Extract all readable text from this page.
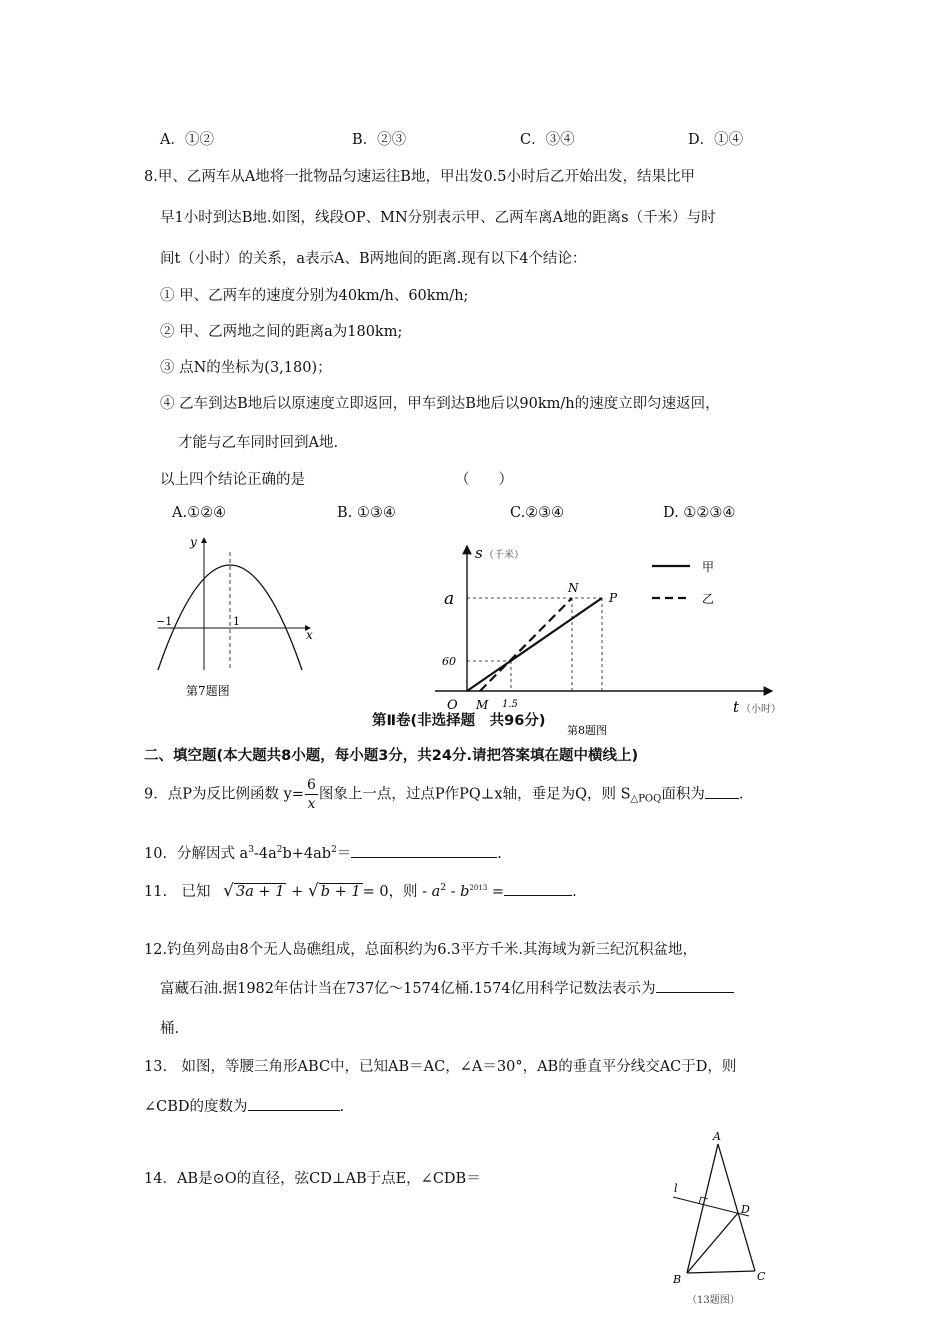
A．①②	B．②③	C．③④	D．①④
8.甲、乙两车从A地将一批物品匀速运往B地，甲出发0.5小时后乙开始出发，结果比甲
早1小时到达B地.如图，线段OP、MN分别表示甲、乙两车离A地的距离s（千米）与时
间t（小时）的关系，a表示A、B两地间的距离.现有以下4个结论：
① 甲、乙两车的速度分别为40km/h、60km/h;
② 甲、乙两地之间的距离a为180km;
③ 点N的坐标为(3,180)；
④ 乙车到达B地后以原速度立即返回，甲车到达B地后以90km/h的速度立即匀速返回，
才能与乙车同时回到A地.
以上四个结论正确的是	（　　）
A.①②④	B. ①③④	C.②③④	D. ①②③④
y
x
−1	1
第7题图
s （千米）
a
60
O M 1.5
N
P
甲
乙
t （小时）
第8题图
第Ⅱ卷(非选择题　共96分)
二、填空题(本大题共8小题，每小题3分，共24分.请把答案填在题中横线上)
9．点P为反比例函数 $y= \frac{6}{x}$ 图象上一点，过点P作PQ⊥x轴，垂足为Q，则 $S_{\triangle POQ}$面积为 .
10．分解因式 $a^3-4a^2b+4ab^2=$	.
11.　已知 √ 3a + 1 + √ b + 1 = 0，则 - $a^2 - b^{2013}$ =	.
12.钓鱼列岛由8个无人岛礁组成，总面积约为6.3平方千米.其海域为新三纪沉积盆地，
富藏石油.据1982年估计当在737亿～1574亿桶.1574亿用科学记数法表示为
桶.
13.　如图，等腰三角形ABC中，已知AB＝AC，∠A＝30°，AB的垂直平分线交AC于D，则
∠CBD的度数为	.
14．AB是⊙O的直径，弦CD⊥AB于点E，∠CDB＝
A
l
D
B	C
（13题图）
